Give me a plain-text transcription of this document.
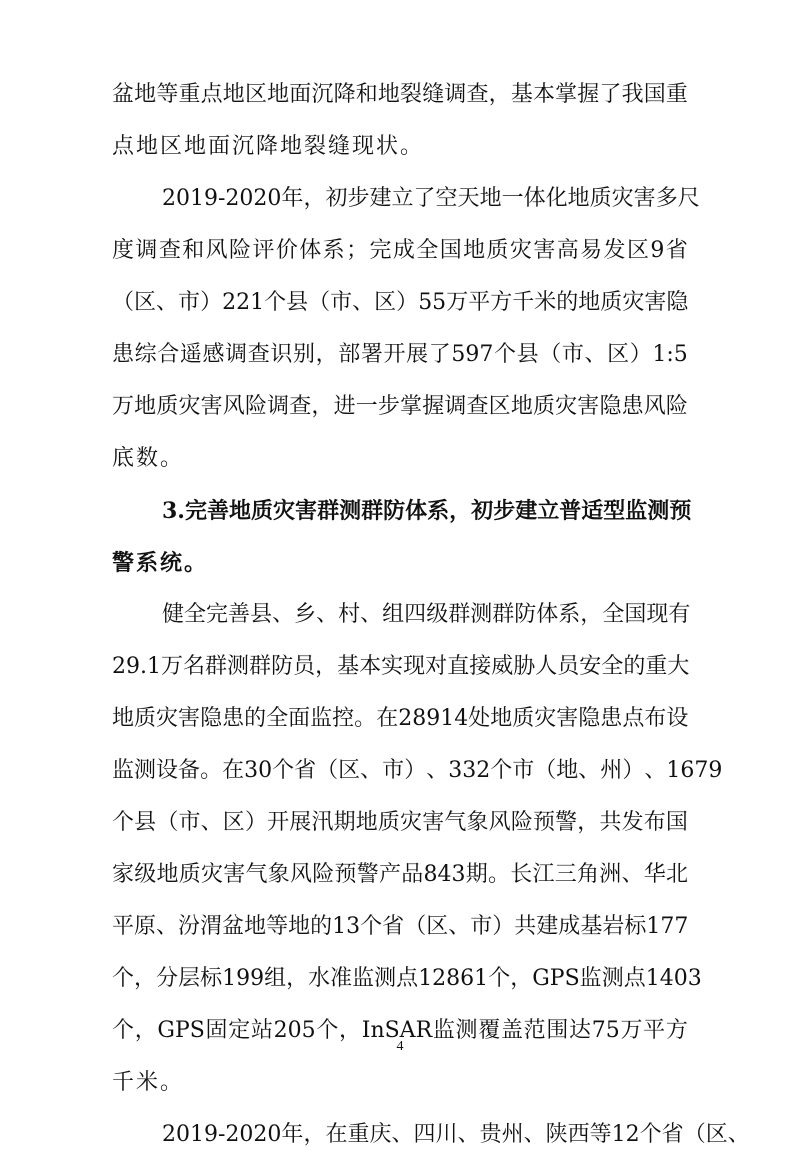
盆 地 等 重 点 地 区 地 面 沉 降 和 地 裂 缝 调 查 ， 基 本 掌 握 了 我 国 重
点地区地面沉降地裂缝现状。
2019-2020 年 ， 初 步 建 立 了 空 天 地 一 体 化 地 质 灾 害 多 尺
度 调 查 和 风 险 评 价 体 系 ； 完 成 全 国 地 质 灾 害 高 易 发 区 9 省
（ 区 、 市 ） 221 个 县 （ 市 、 区 ） 55 万 平 方 千 米 的 地 质 灾 害 隐
患 综 合 遥 感 调 查 识 别 ， 部 署 开 展 了 597 个 县 （ 市 、 区 ） 1:5
万 地 质 灾 害 风 险 调 查 ， 进 一 步 掌 握 调 查 区 地 质 灾 害 隐 患 风 险
底数。
3. 完 善 地 质 灾 害 群 测 群 防 体 系 ， 初 步 建 立 普 适 型 监 测 预
警系统。
健 全 完 善 县 、 乡 、 村 、 组 四 级 群 测 群 防 体 系 ， 全 国 现 有
29.1 万 名 群 测 群 防 员 ， 基 本 实 现 对 直 接 威 胁 人 员 安 全 的 重 大
地 质 灾 害 隐 患 的 全 面 监 控 。 在 28914 处 地 质 灾 害 隐 患 点 布 设
监 测 设 备 。 在 30 个 省 （ 区 、 市 ） 、 332 个 市 （ 地 、 州 ） 、 1679
个 县 （ 市 、 区 ） 开 展 汛 期 地 质 灾 害 气 象 风 险 预 警 ， 共 发 布 国
家 级 地 质 灾 害 气 象 风 险 预 警 产 品 843 期 。 长 江 三 角 洲 、 华 北
平 原 、 汾 渭 盆 地 等 地 的 13 个 省 （ 区 、 市 ） 共 建 成 基 岩 标 177
个 ， 分 层 标 199 组 ， 水 准 监 测 点 12861 个 ， GPS 监 测 点 1403
个 ， GPS 固 定 站 205 个 ， InSAR 监 测 覆 盖 范 围 达 75 万 平 方
千米。
2019-2020 年 ， 在 重 庆 、 四 川 、 贵 州 、 陕 西 等 12 个 省 （ 区 、
4
